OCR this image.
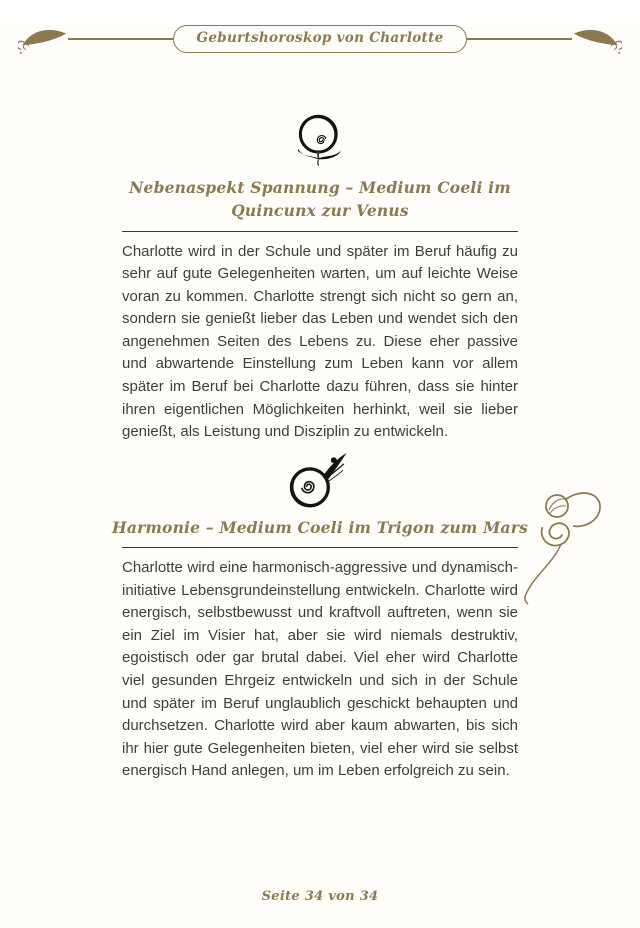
Geburtshoroskop von Charlotte
Nebenaspekt Spannung – Medium Coeli im Quincunx zur Venus

Charlotte wird in der Schule und später im Beruf häufig zu sehr auf gute Gelegenheiten warten, um auf leichte Weise voran zu kommen. Charlotte strengt sich nicht so gern an, sondern sie genießt lieber das Leben und wendet sich den angenehmen Seiten des Lebens zu. Diese eher passive und abwartende Einstellung zum Leben kann vor allem später im Beruf bei Charlotte dazu führen, dass sie hinter ihren eigentlichen Möglichkeiten herhinkt, weil sie lieber genießt, als Leistung und Disziplin zu entwickeln.

Harmonie – Medium Coeli im Trigon zum Mars

Charlotte wird eine harmonisch-aggressive und dynamisch-initiative Lebensgrundeinstellung entwickeln. Charlotte wird energisch, selbstbewusst und kraftvoll auftreten, wenn sie ein Ziel im Visier hat, aber sie wird niemals destruktiv, egoistisch oder gar brutal dabei. Viel eher wird Charlotte viel gesunden Ehrgeiz entwickeln und sich in der Schule und später im Beruf unglaublich geschickt behaupten und durchsetzen. Charlotte wird aber kaum abwarten, bis sich ihr hier gute Gelegenheiten bieten, viel eher wird sie selbst energisch Hand anlegen, um im Leben erfolgreich zu sein.

Seite 34 von 34
